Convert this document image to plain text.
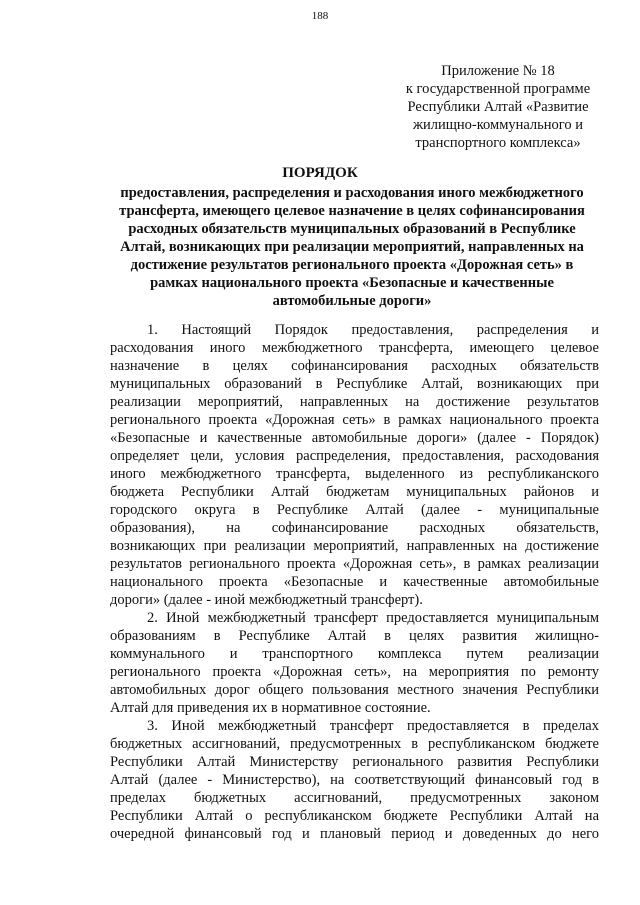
188
Приложение № 18
к государственной программе
Республики Алтай «Развитие
жилищно-коммунального и
транспортного комплекса»
ПОРЯДОК
предоставления, распределения и расходования иного межбюджетного
трансферта, имеющего целевое назначение в целях софинансирования
расходных обязательств муниципальных образований в Республике
Алтай, возникающих при реализации мероприятий, направленных на
достижение результатов регионального проекта «Дорожная сеть» в
рамках национального проекта «Безопасные и качественные
автомобильные дороги»
1. Настоящий Порядок предоставления, распределения и
расходования иного межбюджетного трансферта, имеющего целевое
назначение в целях софинансирования расходных обязательств
муниципальных образований в Республике Алтай, возникающих при
реализации мероприятий, направленных на достижение результатов
регионального проекта «Дорожная сеть» в рамках национального проекта
«Безопасные и качественные автомобильные дороги» (далее - Порядок)
определяет цели, условия распределения, предоставления, расходования
иного межбюджетного трансферта, выделенного из республиканского
бюджета Республики Алтай бюджетам муниципальных районов и
городского округа в Республике Алтай (далее - муниципальные
образования), на софинансирование расходных обязательств,
возникающих при реализации мероприятий, направленных на достижение
результатов регионального проекта «Дорожная сеть», в рамках реализации
национального проекта «Безопасные и качественные автомобильные
дороги» (далее - иной межбюджетный трансферт).
2. Иной межбюджетный трансферт предоставляется муниципальным
образованиям в Республике Алтай в целях развития жилищно-
коммунального и транспортного комплекса путем реализации
регионального проекта «Дорожная сеть», на мероприятия по ремонту
автомобильных дорог общего пользования местного значения Республики
Алтай для приведения их в нормативное состояние.
3. Иной межбюджетный трансферт предоставляется в пределах
бюджетных ассигнований, предусмотренных в республиканском бюджете
Республики Алтай Министерству регионального развития Республики
Алтай (далее - Министерство), на соответствующий финансовый год в
пределах бюджетных ассигнований, предусмотренных законом
Республики Алтай о республиканском бюджете Республики Алтай на
очередной финансовый год и плановый период и доведенных до него
